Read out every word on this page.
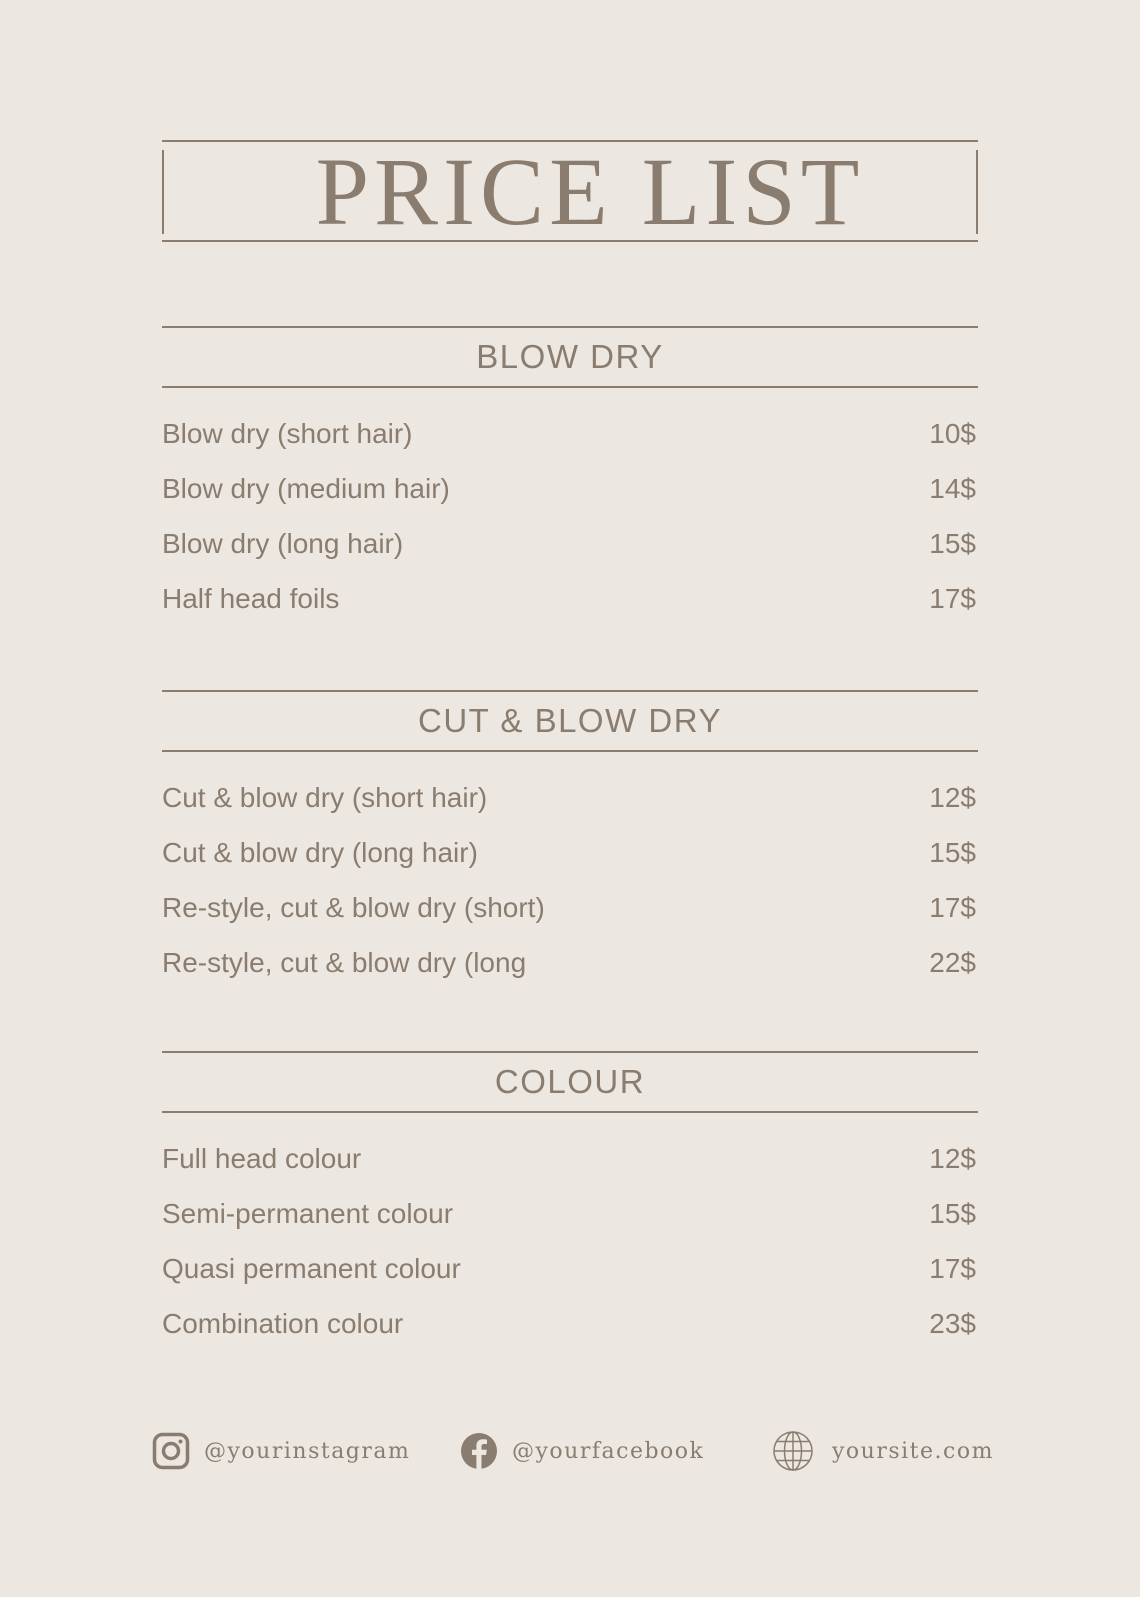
PRICE LIST
BLOW DRY
Blow dry (short hair)	10$
Blow dry (medium hair)	14$
Blow dry (long hair)	15$
Half head foils	17$
CUT & BLOW DRY
Cut & blow dry (short hair)	12$
Cut & blow dry (long hair)	15$
Re-style, cut & blow dry (short)	17$
Re-style, cut & blow dry (long	22$
COLOUR
Full head colour	12$
Semi-permanent colour	15$
Quasi permanent colour	17$
Combination colour	23$
@yourinstagram	@yourfacebook	yoursite.com
